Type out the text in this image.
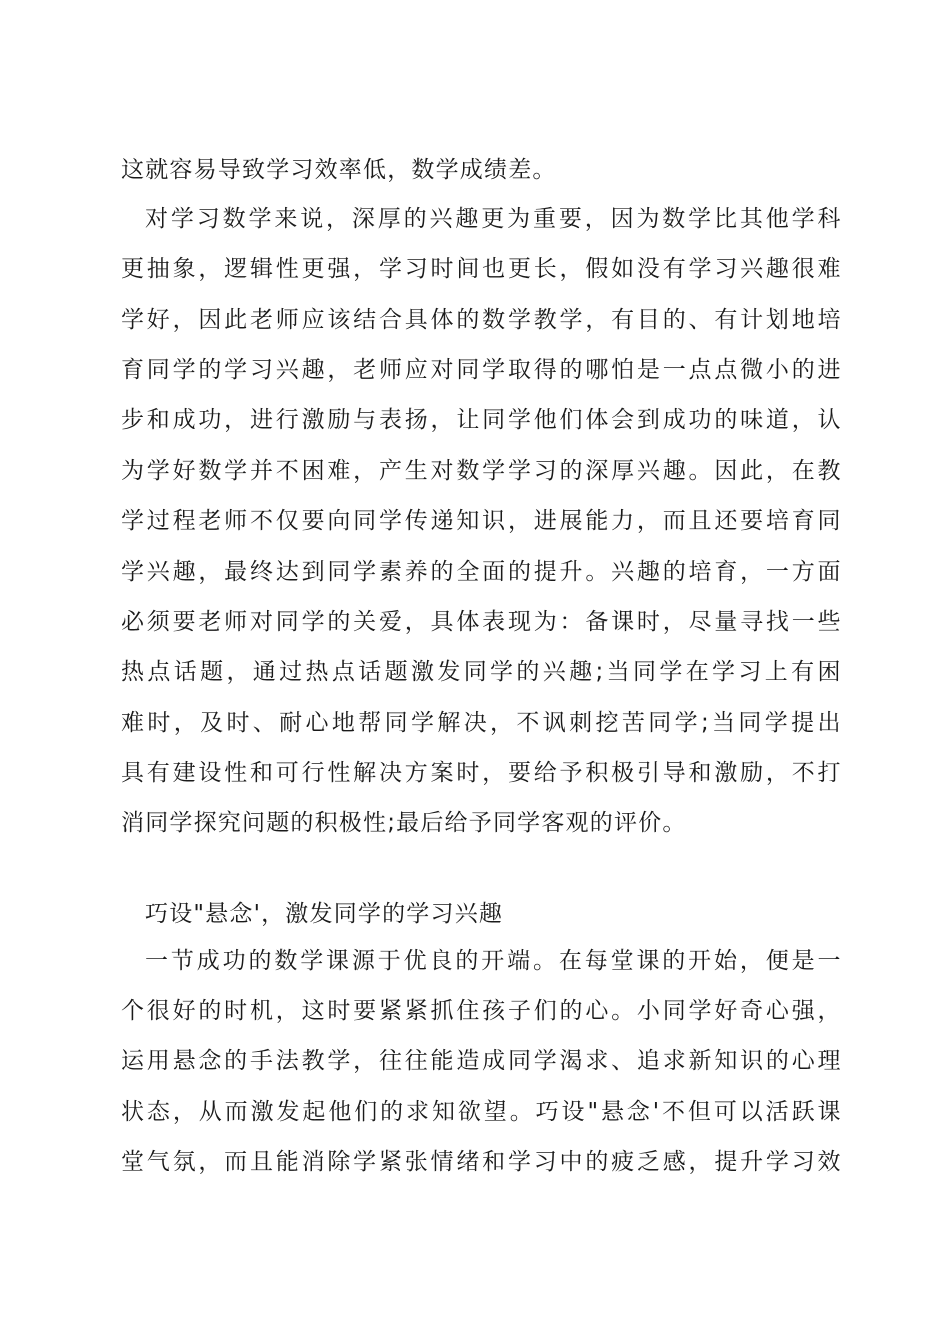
这就容易导致学习效率低，数学成绩差。

对学习数学来说，深厚的兴趣更为重要，因为数学比其他学科

更抽象，逻辑性更强，学习时间也更长，假如没有学习兴趣很难

学好，因此老师应该结合具体的数学教学，有目的、有计划地培

育同学的学习兴趣，老师应对同学取得的哪怕是一点点微小的进

步和成功，进行激励与表扬，让同学他们体会到成功的味道，认

为学好数学并不困难，产生对数学学习的深厚兴趣。因此，在教

学过程老师不仅要向同学传递知识，进展能力，而且还要培育同

学兴趣，最终达到同学素养的全面的提升。兴趣的培育，一方面

必须要老师对同学的关爱，具体表现为：备课时，尽量寻找一些

热点话题，通过热点话题激发同学的兴趣;当同学在学习上有困

难时，及时、耐心地帮同学解决，不讽刺挖苦同学;当同学提出

具有建设性和可行性解决方案时，要给予积极引导和激励，不打

消同学探究问题的积极性;最后给予同学客观的评价。

巧设"悬念'，激发同学的学习兴趣

一节成功的数学课源于优良的开端。在每堂课的开始，便是一

个很好的时机，这时要紧紧抓住孩子们的心。小同学好奇心强，

运用悬念的手法教学，往往能造成同学渴求、追求新知识的心理

状态，从而激发起他们的求知欲望。巧设"悬念'不但可以活跃课

堂气氛，而且能消除学紧张情绪和学习中的疲乏感，提升学习效
